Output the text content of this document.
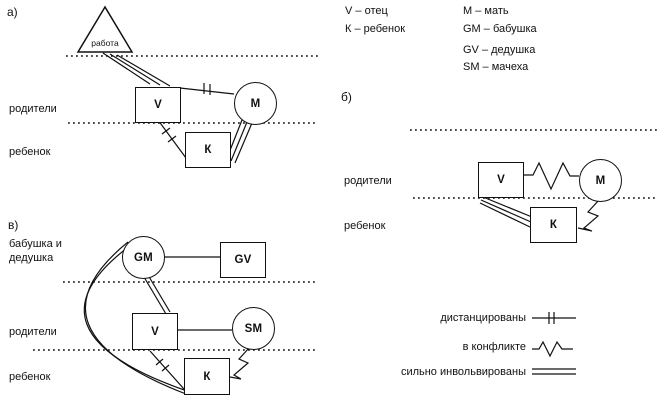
а)
работа
родители
ребенок
V	M
К
V – отец
К – ребенок
M – мать
GM – бабушка
GV – дедушка
SM – мачеха
б)
родители
ребенок
V	M
К
в)
бабушка и
дедушка
родители
ребенок
GM	GV
V	SM
К
дистанцированы
в конфликте
сильно инвольвированы
